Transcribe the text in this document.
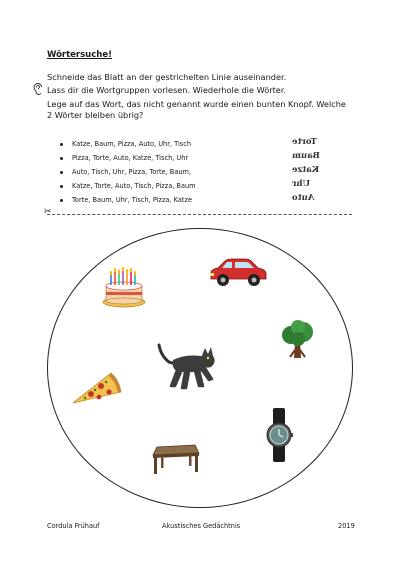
Wörtersuche!
Schneide das Blatt an der gestrichelten Linie auseinander.
Lass dir die Wortgruppen vorlesen. Wiederhole die Wörter.
Lege auf das Wort, das nicht genannt wurde einen bunten Knopf. Welche 2 Wörter bleiben übrig?
Katze, Baum, Pizza, Auto, Uhr, Tisch
Pizza, Torte, Auto, Katze, Tisch, Uhr
Auto, Tisch, Uhr, Pizza, Torte, Baum,
Katze, Torte, Auto, Tisch, Pizza, Baum
Torte, Baum, Uhr, Tisch, Pizza, Katze
Torte
Baum
Katze
Uhr
Auto
✂
Cordula Frühauf	Akustisches Gedächtnis	2019
